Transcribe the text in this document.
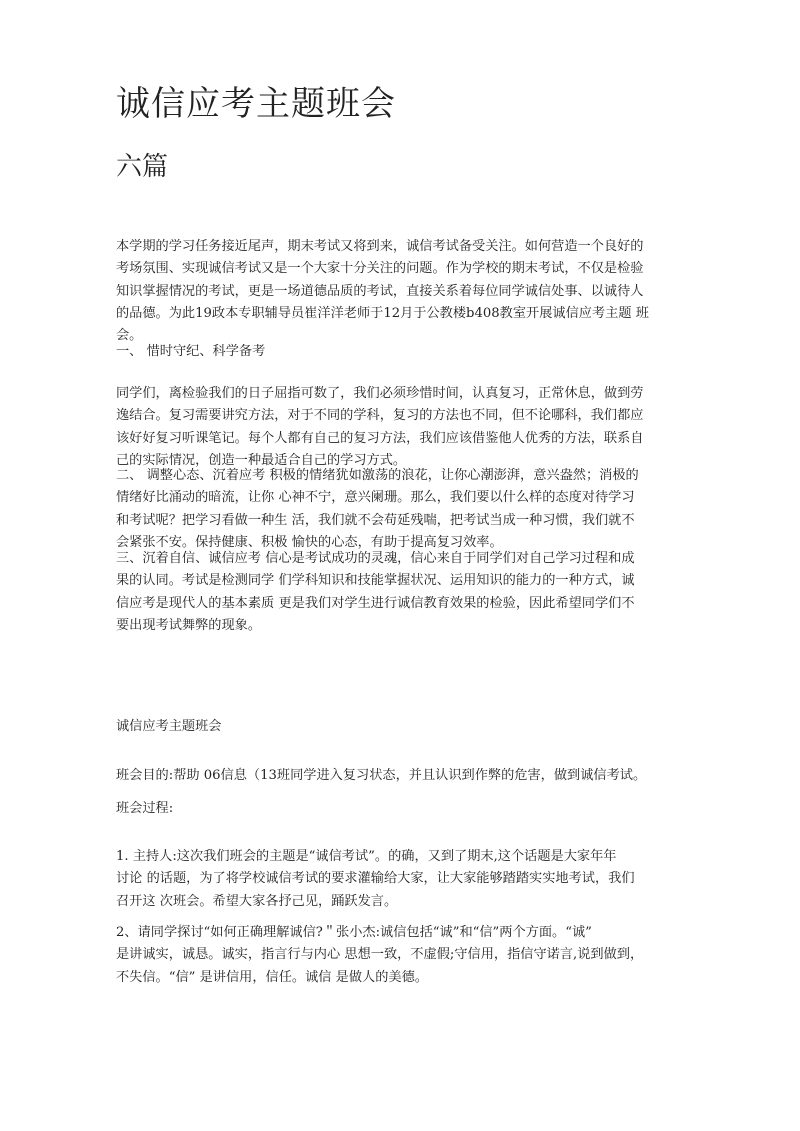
诚信应考主题班会
六篇

本学期的学习任务接近尾声，期末考试又将到来，诚信考试备受关注。如何营造一个良好的
考场氛围、实现诚信考试又是一个大家十分关注的问题。作为学校的期末考试，不仅是检验
知识掌握情况的考试，更是一场道德品质的考试，直接关系着每位同学诚信处事、以诚待人
的品德。为此19政本专职辅导员崔洋洋老师于12月于公教楼b408教室开展诚信应考主题 班
会。

一、 惜时守纪、科学备考

同学们，离检验我们的日子屈指可数了，我们必须珍惜时间，认真复习，正常休息，做到劳
逸结合。复习需要讲究方法，对于不同的学科，复习的方法也不同，但不论哪科，我们都应
该好好复习听课笔记。每个人都有自己的复习方法，我们应该借鉴他人优秀的方法，联系自
己的实际情况，创造一种最适合自己的学习方式。

二、 调整心态、沉着应考 积极的情绪犹如激荡的浪花，让你心潮澎湃，意兴盎然；消极的
情绪好比涌动的暗流，让你 心神不宁，意兴阑珊。那么，我们要以什么样的态度对待学习
和考试呢？把学习看做一种生 活，我们就不会苟延残喘，把考试当成一种习惯，我们就不
会紧张不安。保持健康、积极 愉快的心态，有助于提高复习效率。

三、沉着自信、诚信应考 信心是考试成功的灵魂，信心来自于同学们对自己学习过程和成
果的认同。考试是检测同学 们学科知识和技能掌握状况、运用知识的能力的一种方式，诚
信应考是现代人的基本素质 更是我们对学生进行诚信教育效果的检验，因此希望同学们不
要出现考试舞弊的现象。

诚信应考主题班会

班会目的:帮助 06信息（13班同学进入复习状态，并且认识到作弊的危害，做到诚信考试。

班会过程:

1. 主持人:这次我们班会的主题是“诚信考试”。的确，又到了期末,这个话题是大家年年
讨论 的话题，为了将学校诚信考试的要求灌输给大家，让大家能够踏踏实实地考试，我们
召开这 次班会。希望大家各抒己见，踊跃发言。

2、请同学探讨“如何正确理解诚信?＂张小杰:诚信包括“诚”和“信”两个方面。“诚”
是讲诚实，诚恳。诚实，指言行与内心 思想一致，不虚假;守信用，指信守诺言,说到做到，
不失信。“信” 是讲信用，信任。诚信 是做人的美德。
